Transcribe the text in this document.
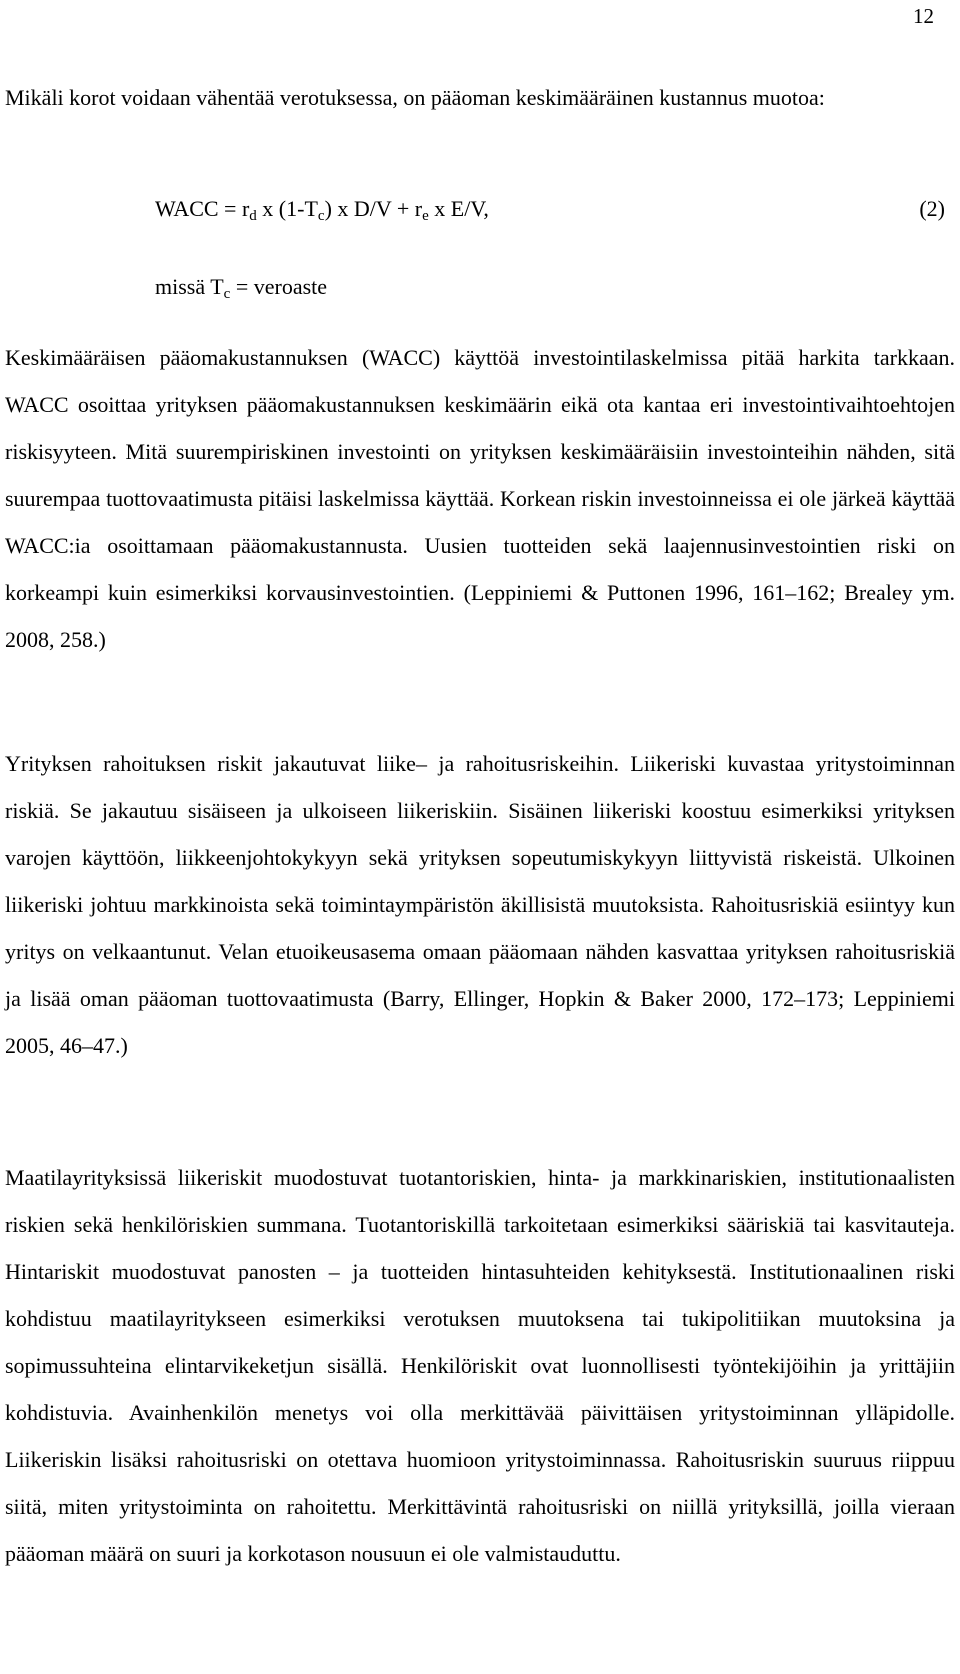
12
Mikäli korot voidaan vähentää verotuksessa, on pääoman keskimääräinen kustannus muotoa:
WACC = $r_d$ x $(1-T_c)$ x $D/V + r_e$ x E/V,	(2)
missä $T_c$ = veroaste

Keskimääräisen pääomakustannuksen (WACC) käyttöä investointilaskelmissa pitää harkita tarkkaan. WACC osoittaa yrityksen pääomakustannuksen keskimäärin eikä ota kantaa eri investointivaihtoehtojen riskisyyteen. Mitä suurempiriskinen investointi on yrityksen keskimääräisiin investointeihin nähden, sitä suurempaa tuottovaatimusta pitäisi laskelmissa käyttää. Korkean riskin investoinneissa ei ole järkeä käyttää WACC:ia osoittamaan pääomakustannusta. Uusien tuotteiden sekä laajennusinvestointien riski on korkeampi kuin esimerkiksi korvausinvestointien. (Leppiniemi & Puttonen 1996, 161–162; Brealey ym. 2008, 258.)

Yrityksen rahoituksen riskit jakautuvat liike– ja rahoitusriskeihin. Liikeriski kuvastaa yritystoiminnan riskiä. Se jakautuu sisäiseen ja ulkoiseen liikeriskiin. Sisäinen liikeriski koostuu esimerkiksi yrityksen varojen käyttöön, liikkeenjohtokykyyn sekä yrityksen sopeutumiskykyyn liittyvistä riskeistä. Ulkoinen liikeriski johtuu markkinoista sekä toimintaympäristön äkillisistä muutoksista. Rahoitusriskiä esiintyy kun yritys on velkaantunut. Velan etuoikeusasema omaan pääomaan nähden kasvattaa yrityksen rahoitusriskiä ja lisää oman pääoman tuottovaatimusta (Barry, Ellinger, Hopkin & Baker 2000, 172–173; Leppiniemi 2005, 46–47.)

Maatilayrityksissä liikeriskit muodostuvat tuotantoriskien, hinta- ja markkinariskien, institutionaalisten riskien sekä henkilöriskien summana. Tuotantoriskillä tarkoitetaan esimerkiksi sääriskiä tai kasvitauteja. Hintariskit muodostuvat panosten – ja tuotteiden hintasuhteiden kehityksestä. Institutionaalinen riski kohdistuu maatilayritykseen esimerkiksi verotuksen muutoksena tai tukipolitiikan muutoksina ja sopimussuhteina elintarvikeketjun sisällä. Henkilöriskit ovat luonnollisesti työntekijöihin ja yrittäjiin kohdistuvia. Avainhenkilön menetys voi olla merkittävää päivittäisen yritystoiminnan ylläpidolle. Liikeriskin lisäksi rahoitusriski on otettava huomioon yritystoiminnassa. Rahoitusriskin suuruus riippuu siitä, miten yritystoiminta on rahoitettu. Merkittävintä rahoitusriski on niillä yrityksillä, joilla vieraan pääoman määrä on suuri ja korkotason nousuun ei ole valmistauduttu.
